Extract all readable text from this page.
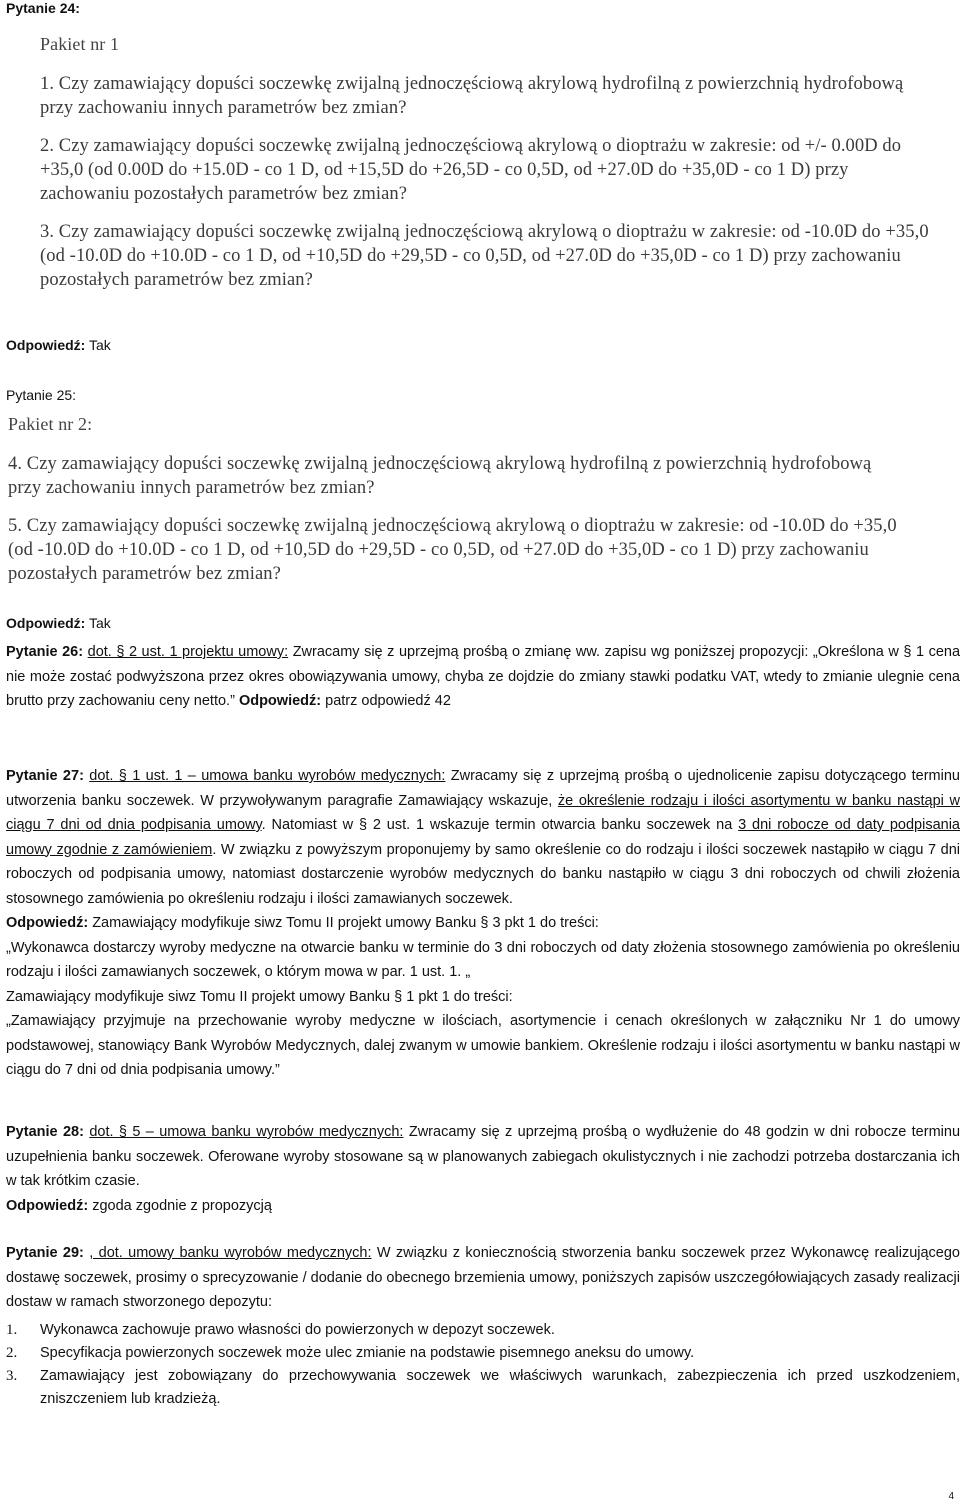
Pytanie 24:
Pakiet nr 1

1. Czy zamawiający dopuści soczewkę zwijalną jednoczęściową akrylową hydrofilną z powierzchnią hydrofobową przy zachowaniu innych parametrów bez zmian?

2. Czy zamawiający dopuści soczewkę zwijalną jednoczęściową akrylową o dioptrażu w zakresie: od +/- 0.00D do +35,0 (od 0.00D do +15.0D - co 1 D, od +15,5D do +26,5D - co 0,5D, od +27.0D do +35,0D - co 1 D) przy zachowaniu pozostałych parametrów bez zmian?

3. Czy zamawiający dopuści soczewkę zwijalną jednoczęściową akrylową o dioptrażu w zakresie: od -10.0D do +35,0 (od -10.0D do +10.0D - co 1 D, od +10,5D do +29,5D - co 0,5D, od +27.0D do +35,0D - co 1 D) przy zachowaniu pozostałych parametrów bez zmian?

Odpowiedź: Tak
Pytanie 25:
Pakiet nr 2:

4. Czy zamawiający dopuści soczewkę zwijalną jednoczęściową akrylową hydrofilną z powierzchnią hydrofobową przy zachowaniu innych parametrów bez zmian?

5. Czy zamawiający dopuści soczewkę zwijalną jednoczęściową akrylową o dioptrażu w zakresie: od -10.0D do +35,0 (od -10.0D do +10.0D - co 1 D, od +10,5D do +29,5D - co 0,5D, od +27.0D do +35,0D - co 1 D) przy zachowaniu pozostałych parametrów bez zmian?

Odpowiedź: Tak
Pytanie 26: dot. § 2 ust. 1 projektu umowy: Zwracamy się z uprzejmą prośbą o zmianę ww. zapisu wg poniższej propozycji: „Określona w § 1 cena nie może zostać podwyższona przez okres obowiązywania umowy, chyba ze dojdzie do zmiany stawki podatku VAT, wtedy to zmianie ulegnie cena brutto przy zachowaniu ceny netto.” Odpowiedź: patrz odpowiedź 42
Pytanie 27: dot. § 1 ust. 1 – umowa banku wyrobów medycznych: Zwracamy się z uprzejmą prośbą o ujednolicenie zapisu dotyczącego terminu utworzenia banku soczewek. W przywoływanym paragrafie Zamawiający wskazuje, że określenie rodzaju i ilości asortymentu w banku nastąpi w ciągu 7 dni od dnia podpisania umowy. Natomiast w § 2 ust. 1 wskazuje termin otwarcia banku soczewek na 3 dni robocze od daty podpisania umowy zgodnie z zamówieniem. W związku z powyższym proponujemy by samo określenie co do rodzaju i ilości soczewek nastąpiło w ciągu 7 dni roboczych od podpisania umowy, natomiast dostarczenie wyrobów medycznych do banku nastąpiło w ciągu 3 dni roboczych od chwili złożenia stosownego zamówienia po określeniu rodzaju i ilości zamawianych soczewek.
Odpowiedź: Zamawiający modyfikuje siwz Tomu II projekt umowy Banku § 3 pkt 1 do treści:
„Wykonawca dostarczy wyroby medyczne na otwarcie banku w terminie do 3 dni roboczych od daty złożenia stosownego zamówienia po określeniu rodzaju i ilości zamawianych soczewek, o którym mowa w par. 1 ust. 1. „
Zamawiający modyfikuje siwz Tomu II projekt umowy Banku § 1 pkt 1 do treści:
„Zamawiający przyjmuje na przechowanie wyroby medyczne w ilościach, asortymencie i cenach określonych w załączniku Nr 1 do umowy podstawowej, stanowiący Bank Wyrobów Medycznych, dalej zwanym w umowie bankiem. Określenie rodzaju i ilości asortymentu w banku nastąpi w ciągu do 7 dni od dnia podpisania umowy.”
Pytanie 28: dot. § 5 – umowa banku wyrobów medycznych: Zwracamy się z uprzejmą prośbą o wydłużenie do 48 godzin w dni robocze terminu uzupełnienia banku soczewek. Oferowane wyroby stosowane są w planowanych zabiegach okulistycznych i nie zachodzi potrzeba dostarczania ich w tak krótkim czasie.
Odpowiedź: zgoda zgodnie z propozycją
Pytanie 29: , dot. umowy banku wyrobów medycznych: W związku z koniecznością stworzenia banku soczewek przez Wykonawcę realizującego dostawę soczewek, prosimy o sprecyzowanie / dodanie do obecnego brzemienia umowy, poniższych zapisów uszczegółowiających zasady realizacji dostaw w ramach stworzonego depozytu:
1.	Wykonawca zachowuje prawo własności do powierzonych w depozyt soczewek.
2.	Specyfikacja powierzonych soczewek może ulec zmianie na podstawie pisemnego aneksu do umowy.
3.	Zamawiający jest zobowiązany do przechowywania soczewek we właściwych warunkach, zabezpieczenia ich przed uszkodzeniem, zniszczeniem lub kradzieżą.
4
